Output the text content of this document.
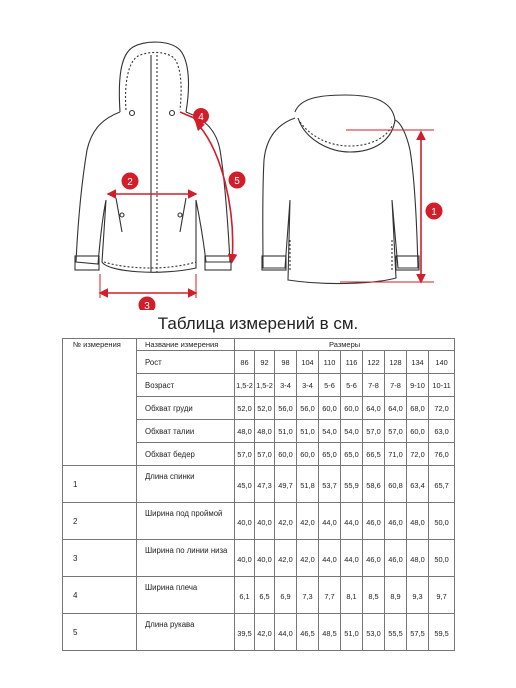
1
2
3
4
5
Таблица измерений в см.
№ измерения	Название измерения	Размеры									
	Рост	86	92	98	104	110	116	122	128	134	140
	Возраст	1,5-2	1,5-2	3-4	3-4	5-6	5-6	7-8	7-8	9-10	10-11
	Обхват груди	52,0	52,0	56,0	56,0	60,0	60,0	64,0	64,0	68,0	72,0
	Обхват талии	48,0	48,0	51,0	51,0	54,0	54,0	57,0	57,0	60,0	63,0
	Обхват бедер	57,0	57,0	60,0	60,0	65,0	65,0	66,5	71,0	72,0	76,0
1	Длина спинки	45,0	47,3	49,7	51,8	53,7	55,9	58,6	60,8	63,4	65,7
2	Ширина под проймой	40,0	40,0	42,0	42,0	44,0	44,0	46,0	46,0	48,0	50,0
3	Ширина по линии низа	40,0	40,0	42,0	42,0	44,0	44,0	46,0	46,0	48,0	50,0
4	Ширина плеча	6,1	6,5	6,9	7,3	7,7	8,1	8,5	8,9	9,3	9,7
5	Длина рукава	39,5	42,0	44,0	46,5	48,5	51,0	53,0	55,5	57,5	59,5
